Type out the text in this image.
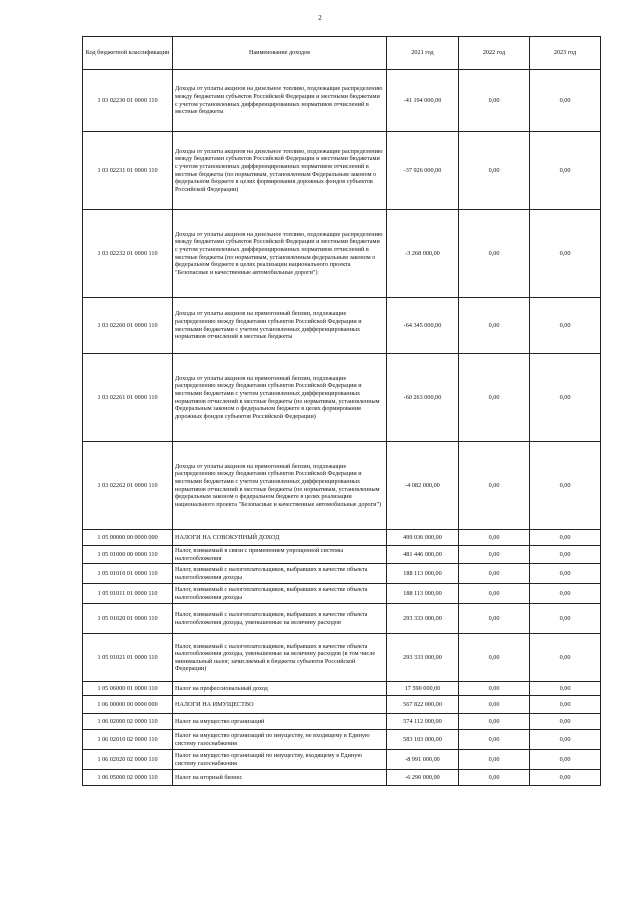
2
Код бюджетной классификации	Наименование доходов	2021 год	2022 год	2023 год
1 03 02230 01 0000 110	Доходы от уплаты акцизов на дизельное топливо, подлежащие распределению между бюджетами субъектов Российской Федерации и местными бюджетами с учетом установленных дифференцированных нормативов отчислений в местные бюджеты	-41 194 000,00	0,00	0,00
1 03 02231 01 0000 110	Доходы от уплаты акцизов на дизельное топливо, подлежащие распределению между бюджетами субъектов Российской Федерации и местными бюджетами с учетом установленных дифференцированных нормативов отчислений в местные бюджеты (по нормативам, установленным Федеральным законом о федеральном бюджете в целях формирования дорожных фондов субъектов Российской Федерации)	-37 926 000,00	0,00	0,00
1 03 02232 01 0000 110	Доходы от уплаты акцизов на дизельное топливо, подлежащие распределению между бюджетами субъектов Российской Федерации и местными бюджетами с учетом установленных дифференцированных нормативов отчислений в местные бюджеты (по нормативам, установленным федеральным законом о федеральном бюджете в целях реализации национального проекта "Безопасные и качественные автомобильные дороги")	-3 268 000,00	0,00	0,00
1 03 02260 01 0000 110	Доходы от уплаты акцизов на прямогонный бензин, подлежащие распределению между бюджетами субъектов Российской Федерации и местными бюджетами с учетом установленных дифференцированных нормативов отчислений в местные бюджеты	-64 345 000,00	0,00	0,00
1 03 02261 01 0000 110	Доходы от уплаты акцизов на прямогонный бензин, подлежащие распределению между бюджетами субъектов Российской Федерации и местными бюджетами с учетом установленных дифференцированных нормативов отчислений в местные бюджеты (по нормативам, установленным Федеральным законом о федеральном бюджете в целях формирования дорожных фондов субъектов Российской Федерации)	-60 263 000,00	0,00	0,00
1 03 02262 01 0000 110	Доходы от уплаты акцизов на прямогонный бензин, подлежащие распределению между бюджетами субъектов Российской Федерации и местными бюджетами с учетом установленных дифференцированных нормативов отчислений в местные бюджеты (по нормативам, установленным федеральным законом о федеральном бюджете в целях реализации национального проекта "Безопасные и качественные автомобильные дороги")	-4 082 000,00	0,00	0,00
1 05 00000 00 0000 000	НАЛОГИ НА СОВОКУПНЫЙ ДОХОД	499 036 000,00	0,00	0,00
1 05 01000 00 0000 110	Налог, взимаемый в связи с применением упрощенной системы налогообложения	481 446 000,00	0,00	0,00
1 05 01010 01 0000 110	Налог, взимаемый с налогоплательщиков, выбравших в качестве объекта налогообложения доходы	188 113 000,00	0,00	0,00
1 05 01011 01 0000 110	Налог, взимаемый с налогоплательщиков, выбравших в качестве объекта налогообложения доходы	188 113 000,00	0,00	0,00
1 05 01020 01 0000 110	Налог, взимаемый с налогоплательщиков, выбравших в качестве объекта налогообложения доходы, уменьшенные на величину расходов	293 333 000,00	0,00	0,00
1 05 01021 01 0000 110	Налог, взимаемый с налогоплательщиков, выбравших в качестве объекта налогообложения доходы, уменьшенные на величину расходов (в том числе минимальный налог, зачисляемый в бюджеты субъектов Российской Федерации)	293 333 000,00	0,00	0,00
1 05 06000 01 0000 110	Налог на профессиональный доход	17 590 000,00	0,00	0,00
1 06 00000 00 0000 000	НАЛОГИ НА ИМУЩЕСТВО	567 822 000,00	0,00	0,00
1 06 02000 02 0000 110	Налог на имущество организаций	574 112 000,00	0,00	0,00
1 06 02010 02 0000 110	Налог на имущество организаций по имуществу, не входящему в Единую систему газоснабжения	583 103 000,00	0,00	0,00
1 06 02020 02 0000 110	Налог на имущество организаций по имуществу, входящему в Единую систему газоснабжения	-8 991 000,00	0,00	0,00
1 06 05000 02 0000 110	Налог на игорный бизнес	-6 290 000,00	0,00	0,00
